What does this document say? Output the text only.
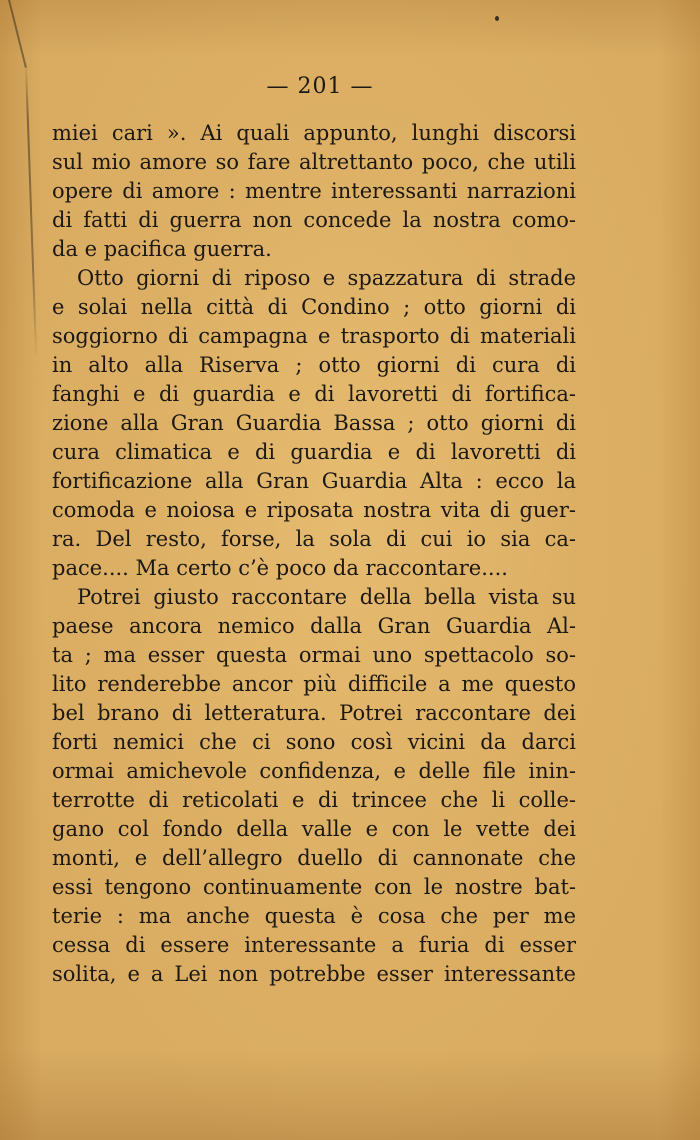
— 201 —
miei cari ». Ai quali appunto, lunghi discorsi
sul mio amore so fare altrettanto poco, che utili
opere di amore : mentre interessanti narrazioni
di fatti di guerra non concede la nostra como-
da e pacifica guerra.
Otto giorni di riposo e spazzatura di strade
e solai nella città di Condino ; otto giorni di
soggiorno di campagna e trasporto di materiali
in alto alla Riserva ; otto giorni di cura di
fanghi e di guardia e di lavoretti di fortifica-
zione alla Gran Guardia Bassa ; otto giorni di
cura climatica e di guardia e di lavoretti di
fortificazione alla Gran Guardia Alta : ecco la
comoda e noiosa e riposata nostra vita di guer-
ra. Del resto, forse, la sola di cui io sia ca-
pace.... Ma certo c’è poco da raccontare....
Potrei giusto raccontare della bella vista su
paese ancora nemico dalla Gran Guardia Al-
ta ; ma esser questa ormai uno spettacolo so-
lito renderebbe ancor più difficile a me questo
bel brano di letteratura. Potrei raccontare dei
forti nemici che ci sono così vicini da darci
ormai amichevole confidenza, e delle file inin-
terrotte di reticolati e di trincee che li colle-
gano col fondo della valle e con le vette dei
monti, e dell’allegro duello di cannonate che
essi tengono continuamente con le nostre bat-
terie : ma anche questa è cosa che per me
cessa di essere interessante a furia di esser
solita, e a Lei non potrebbe esser interessante
